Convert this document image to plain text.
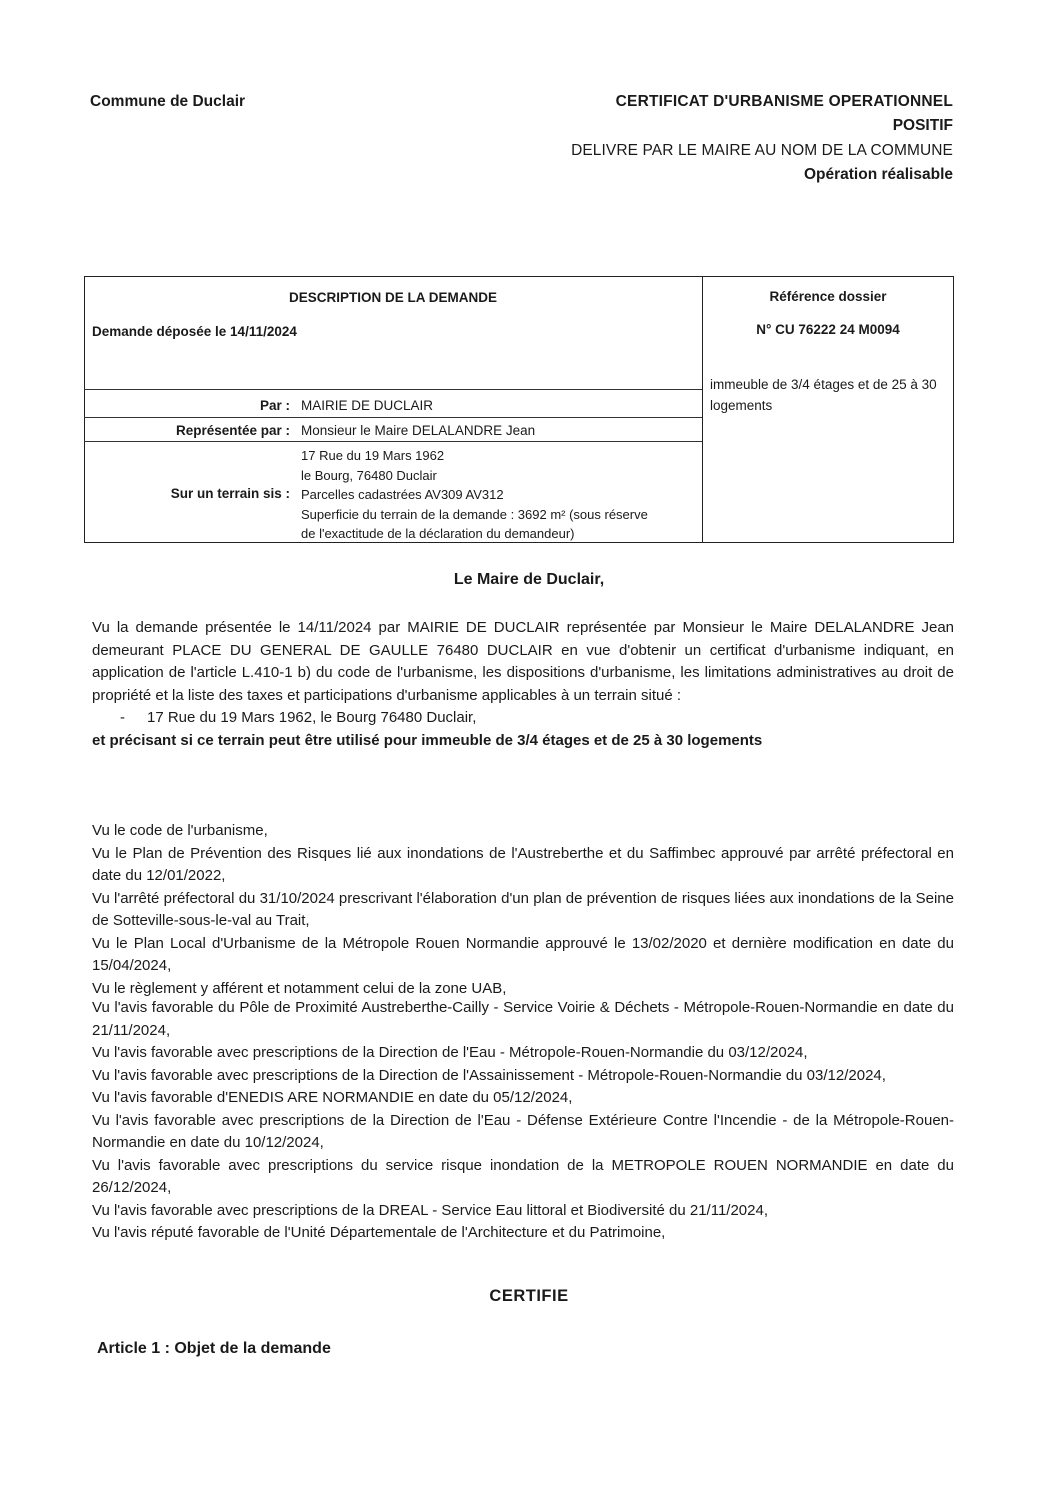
Commune de Duclair	CERTIFICAT D'URBANISME OPERATIONNEL
POSITIF
DELIVRE PAR LE MAIRE AU NOM DE LA COMMUNE
Opération réalisable
DESCRIPTION DE LA DEMANDE	Référence dossier
N° CU 76222 24 M0094
Demande déposée le 14/11/2024
immeuble de 3/4 étages et de 25 à 30 logements
Par : MAIRIE DE DUCLAIR
Représentée par : Monsieur le Maire DELALANDRE Jean
Sur un terrain sis :
17 Rue du 19 Mars 1962
le Bourg, 76480 Duclair
Parcelles cadastrées AV309 AV312
Superficie du terrain de la demande : 3692 m² (sous réserve
de l'exactitude de la déclaration du demandeur)
Le Maire de Duclair,

Vu la demande présentée le 14/11/2024 par MAIRIE DE DUCLAIR représentée par Monsieur le Maire DELALANDRE Jean demeurant PLACE DU GENERAL DE GAULLE 76480 DUCLAIR en vue d'obtenir un certificat d'urbanisme indiquant, en application de l'article L.410-1 b) du code de l'urbanisme, les dispositions d'urbanisme, les limitations administratives au droit de propriété et la liste des taxes et participations d'urbanisme applicables à un terrain situé :

- 17 Rue du 19 Mars 1962, le Bourg 76480 Duclair,

et précisant si ce terrain peut être utilisé pour immeuble de 3/4 étages et de 25 à 30 logements

Vu le code de l'urbanisme,

Vu le Plan de Prévention des Risques lié aux inondations de l'Austreberthe et du Saffimbec approuvé par arrêté préfectoral en date du 12/01/2022,

Vu l'arrêté préfectoral du 31/10/2024 prescrivant l'élaboration d'un plan de prévention de risques liées aux inondations de la Seine de Sotteville-sous-le-val au Trait,

Vu le Plan Local d'Urbanisme de la Métropole Rouen Normandie approuvé le 13/02/2020 et dernière modification en date du 15/04/2024,

Vu le règlement y afférent et notamment celui de la zone UAB,

Vu l'avis favorable du Pôle de Proximité Austreberthe-Cailly - Service Voirie & Déchets - Métropole-Rouen-Normandie en date du 21/11/2024,

Vu l'avis favorable avec prescriptions de la Direction de l'Eau - Métropole-Rouen-Normandie du 03/12/2024,

Vu l'avis favorable avec prescriptions de la Direction de l'Assainissement - Métropole-Rouen-Normandie du 03/12/2024,

Vu l'avis favorable d'ENEDIS ARE NORMANDIE en date du 05/12/2024,

Vu l'avis favorable avec prescriptions de la Direction de l'Eau - Défense Extérieure Contre l'Incendie - de la Métropole-Rouen-Normandie en date du 10/12/2024,

Vu l'avis favorable avec prescriptions du service risque inondation de la METROPOLE ROUEN NORMANDIE en date du 26/12/2024,

Vu l'avis favorable avec prescriptions de la DREAL - Service Eau littoral et Biodiversité du 21/11/2024,

Vu l'avis réputé favorable de l'Unité Départementale de l'Architecture et du Patrimoine,

CERTIFIE
Article 1 : Objet de la demande
